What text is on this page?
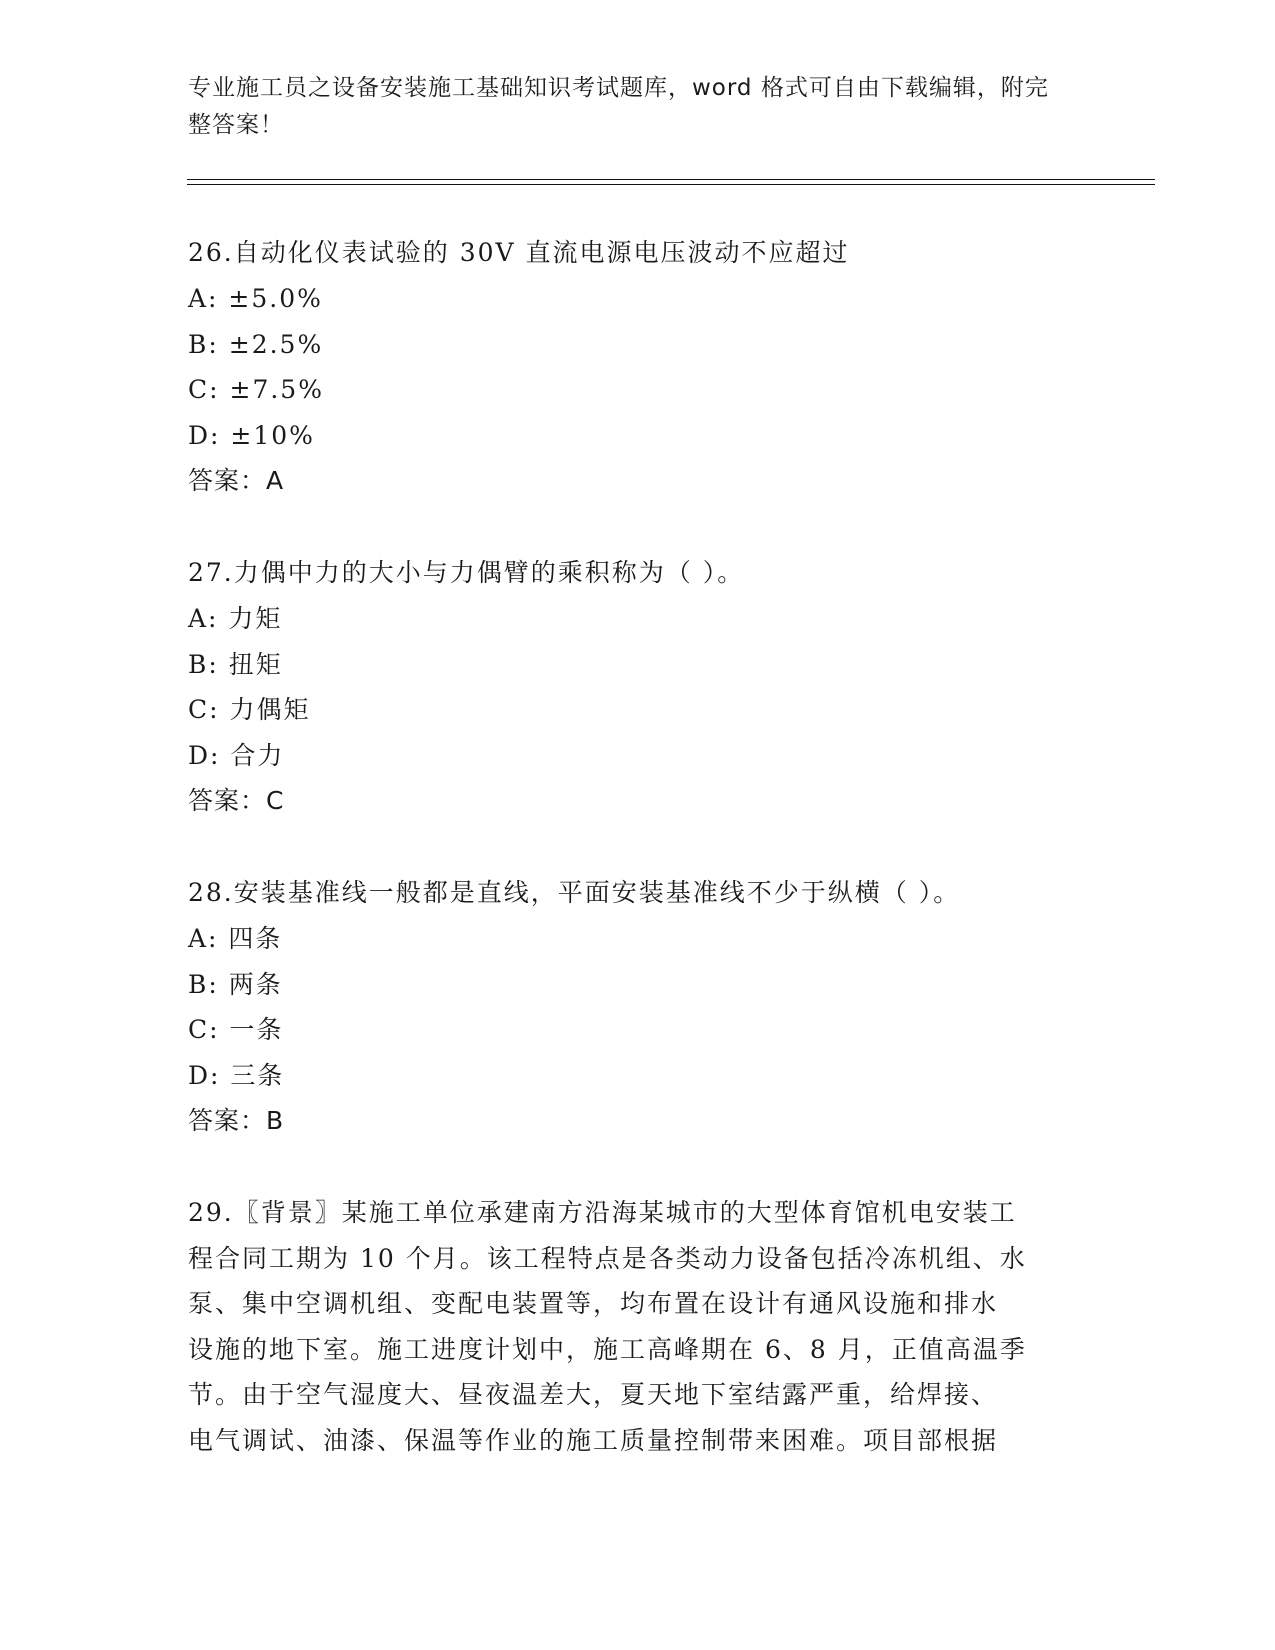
专业施工员之设备安装施工基础知识考试题库，word 格式可自由下载编辑，附完
整答案！
26.自动化仪表试验的 30V 直流电源电压波动不应超过
A: ±5.0%
B: ±2.5%
C: ±7.5%
D: ±10%
答案：A
27.力偶中力的大小与力偶臂的乘积称为（ ）。
A: 力矩
B: 扭矩
C: 力偶矩
D: 合力
答案：C
28.安装基准线一般都是直线，平面安装基准线不少于纵横（ ）。
A: 四条
B: 两条
C: 一条
D: 三条
答案：B
29.〖背景〗某施工单位承建南方沿海某城市的大型体育馆机电安装工
程合同工期为 10 个月。该工程特点是各类动力设备包括冷冻机组、水
泵、集中空调机组、变配电装置等，均布置在设计有通风设施和排水
设施的地下室。施工进度计划中，施工高峰期在 6、8 月，正值高温季
节。由于空气湿度大、昼夜温差大，夏天地下室结露严重，给焊接、
电气调试、油漆、保温等作业的施工质量控制带来困难。项目部根据
